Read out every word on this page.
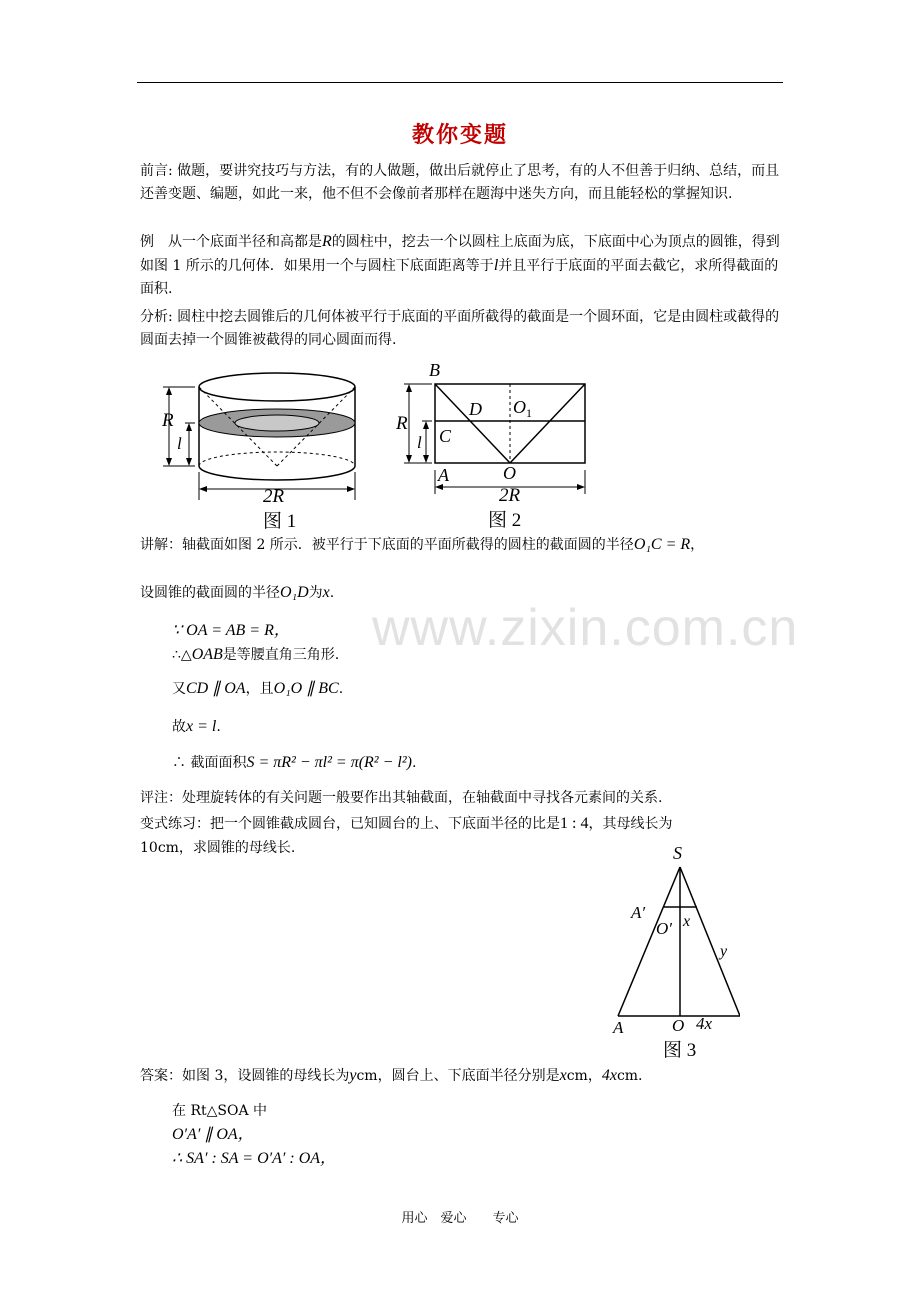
www.zixin.com.cn
教你变题
前言: 做题，要讲究技巧与方法，有的人做题，做出后就停止了思考，有的人不但善于归纳、总结，而且还善变题、编题，如此一来，他不但不会像前者那样在题海中迷失方向，而且能轻松的掌握知识.
例　从一个底面半径和高都是R的圆柱中，挖去一个以圆柱上底面为底，下底面中心为顶点的圆锥，得到如图 1 所示的几何体．如果用一个与圆柱下底面距离等于l并且平行于底面的平面去截它，求所得截面的面积.
分析: 圆柱中挖去圆锥后的几何体被平行于底面的平面所截得的截面是一个圆环面，它是由圆柱或截得的圆面去掉一个圆锥被截得的同心圆面而得.
R
l
2R
图 1
R
l
B
D $O_1$
C
A	O
2R
图 2
讲解：轴截面如图 2 所示．被平行于下底面的平面所截得的圆柱的截面圆的半径O₁C = R，
设圆锥的截面圆的半径O₁D为x.
∵ OA = AB = R，
∴△OAB是等腰直角三角形.
又CD ∥ OA，且O₁O ∥ BC.
故x = l.
∴ 截面面积S = πR² − πl² = π(R² − l²).
评注：处理旋转体的有关问题一般要作出其轴截面，在轴截面中寻找各元素间的关系.
变式练习：把一个圆锥截成圆台，已知圆台的上、下底面半径的比是1 : 4，其母线长为
10cm，求圆锥的母线长.	S
A′
O′ x
y
A	O 4x
图 3
答案：如图 3，设圆锥的母线长为ycm，圆台上、下底面半径分别是xcm，4xcm.
在 Rt△SOA 中
O′A′ ∥ OA，
∴ SA′ : SA = O′A′ : OA，
用心　爱心　　专心
